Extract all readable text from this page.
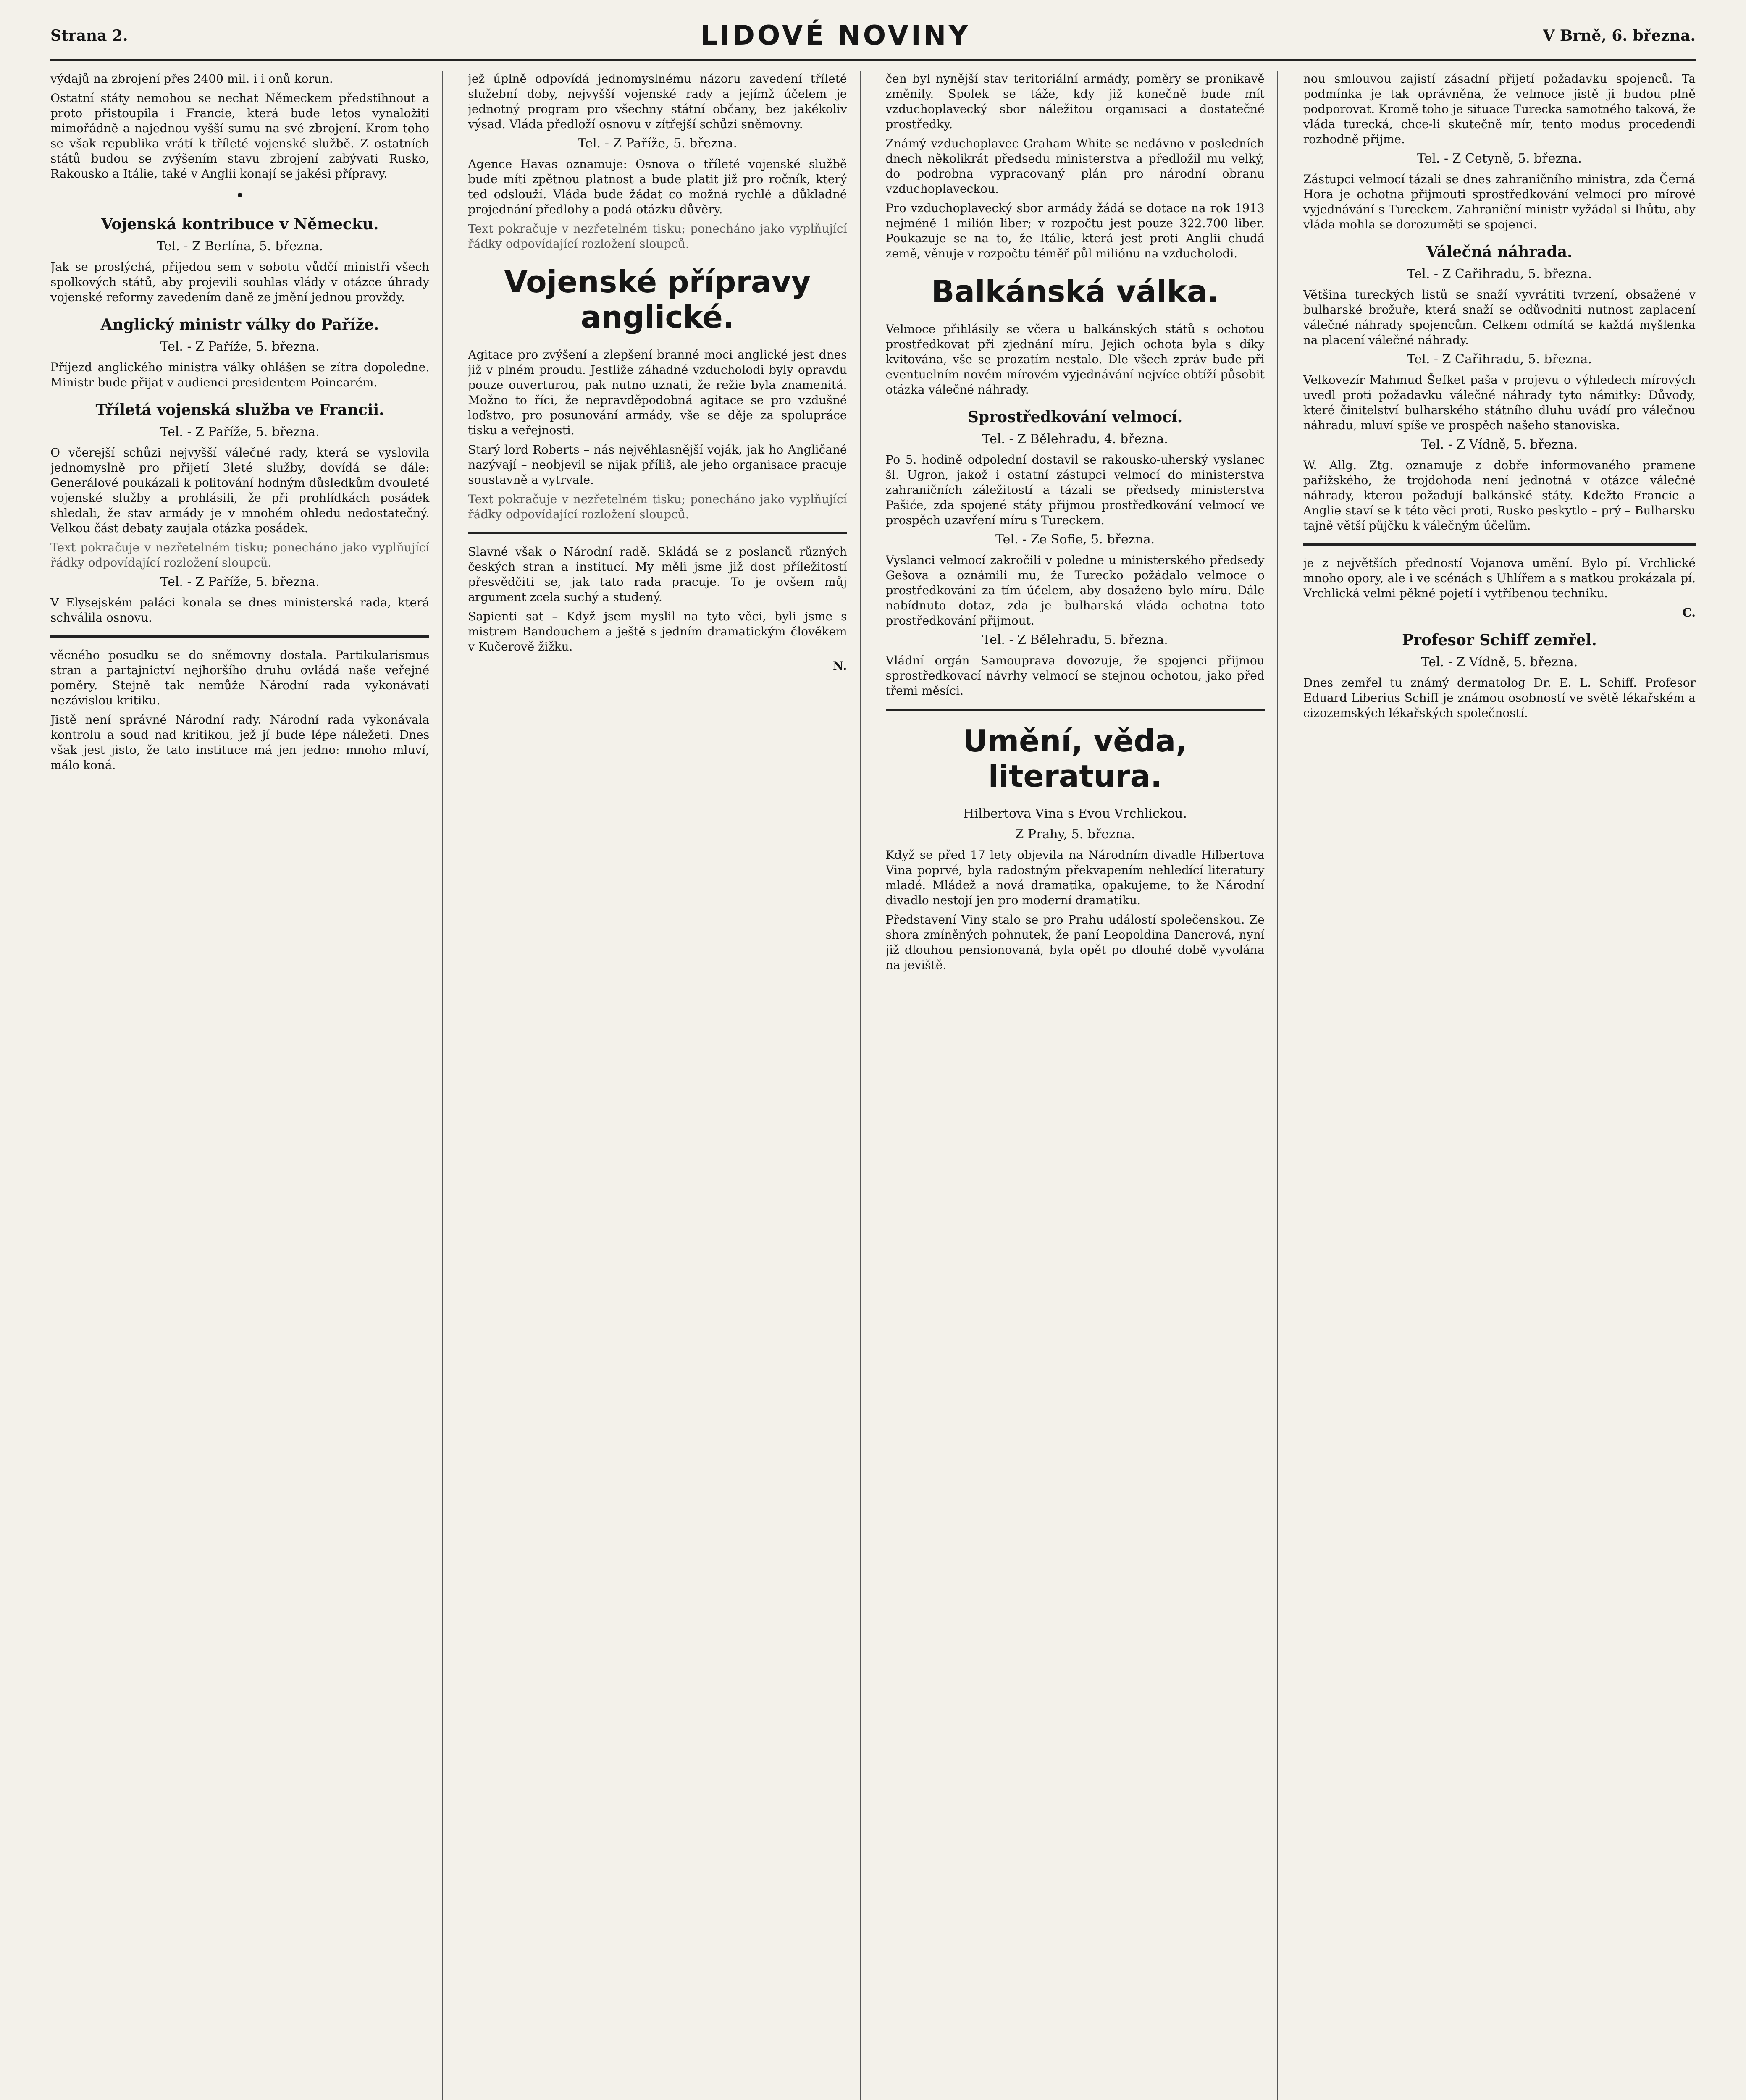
Strana 2.	LIDOVÉ NOVINY	V Brně, 6. března.

výdajů na zbrojení přes 2400 mil. i i onů korun.

Ostatní státy nemohou se nechat Německem předstihnout a proto přistoupila i Francie, která bude letos vynaložiti mimořádně a najednou vyšší sumu na své zbrojení. Krom toho se však republika vrátí k tříleté vojenské službě. Z ostatních států budou se zvýšením stavu zbrojení zabývati Rusko, Rakousko a Itálie, také v Anglii konají se jakési přípravy.

•
Vojenská kontribuce v Německu.
Tel. - Z Berlína, 5. března.

Jak se proslýchá, přijedou sem v sobotu vůdčí ministři všech spolkových států, aby projevili souhlas vlády v otázce úhrady vojenské reformy zavedením daně ze jmění jednou provždy.

Anglický ministr války do Paříže.
Tel. - Z Paříže, 5. března.

Příjezd anglického ministra války ohlášen se zítra dopoledne. Ministr bude přijat v audienci presidentem Poincarém.

Tříletá vojenská služba ve Francii.
Tel. - Z Paříže, 5. března.

O včerejší schůzi nejvyšší válečné rady, která se vyslovila jednomyslně pro přijetí 3leté služby, dovídá se dále: Generálové poukázali k politování hodným důsledkům dvouleté vojenské služby a prohlásili, že při prohlídkách posádek shledali, že stav armády je v mnohém ohledu nedostatečný. Velkou část debaty zaujala otázka posádek.

Text pokračuje v nezřetelném tisku; ponecháno jako vyplňující řádky odpovídající rozložení sloupců.

Tel. - Z Paříže, 5. března.

V Elysejském paláci konala se dnes ministerská rada, která schválila osnovu.

věcného posudku se do sněmovny dostala. Partikularismus stran a partajnictví nejhoršího druhu ovládá naše veřejné poměry. Stejně tak nemůže Národní rada vykonávati nezávislou kritiku.

Jistě není správné Národní rady. Národní rada vykonávala kontrolu a soud nad kritikou, jež jí bude lépe náležeti. Dnes však jest jisto, že tato instituce má jen jedno: mnoho mluví, málo koná.

jež úplně odpovídá jednomyslnému názoru zavedení tříleté služební doby, nejvyšší vojenské rady a jejímž účelem je jednotný program pro všechny státní občany, bez jakékoliv výsad. Vláda předloží osnovu v zítřejší schůzi sněmovny.

Tel. - Z Paříže, 5. března.

Agence Havas oznamuje: Osnova o tříleté vojenské službě bude míti zpětnou platnost a bude platit již pro ročník, který ted odslouží. Vláda bude žádat co možná rychlé a důkladné projednání předlohy a podá otázku důvěry.

Text pokračuje v nezřetelném tisku; ponecháno jako vyplňující řádky odpovídající rozložení sloupců.

Vojenské přípravy anglické.

Agitace pro zvýšení a zlepšení branné moci anglické jest dnes již v plném proudu. Jestliže záhadné vzducholodi byly opravdu pouze ouverturou, pak nutno uznati, že režie byla znamenitá. Možno to říci, že nepravděpodobná agitace se pro vzdušné loďstvo, pro posunování armády, vše se děje za spolupráce tisku a veřejnosti.

Starý lord Roberts – nás nejvěhlasnější voják, jak ho Angličané nazývají – neobjevil se nijak příliš, ale jeho organisace pracuje soustavně a vytrvale.

Text pokračuje v nezřetelném tisku; ponecháno jako vyplňující řádky odpovídající rozložení sloupců.

Slavné však o Národní radě. Skládá se z poslanců různých českých stran a institucí. My měli jsme již dost příležitostí přesvědčiti se, jak tato rada pracuje. To je ovšem můj argument zcela suchý a studený.

Sapienti sat – Když jsem myslil na tyto věci, byli jsme s mistrem Bandouchem a ještě s jedním dramatickým člověkem v Kučerově žižku.

N.

čen byl nynější stav teritoriální armády, poměry se pronikavě změnily. Spolek se táže, kdy již konečně bude mít vzduchoplavecký sbor náležitou organisaci a dostatečné prostředky.

Známý vzduchoplavec Graham White se nedávno v posledních dnech několikrát předsedu ministerstva a předložil mu velký, do podrobna vypracovaný plán pro národní obranu vzduchoplaveckou.

Pro vzduchoplavecký sbor armády žádá se dotace na rok 1913 nejméně 1 milión liber; v rozpočtu jest pouze 322.700 liber. Poukazuje se na to, že Itálie, která jest proti Anglii chudá země, věnuje v rozpočtu téměř půl miliónu na vzducholodi.

Balkánská válka.

Velmoce přihlásily se včera u balkánských států s ochotou prostředkovat při zjednání míru. Jejich ochota byla s díky kvitována, vše se prozatím nestalo. Dle všech zpráv bude při eventuelním novém mírovém vyjednávání nejvíce obtíží působit otázka válečné náhrady.

Sprostředkování velmocí.
Tel. - Z Bělehradu, 4. března.

Po 5. hodině odpolední dostavil se rakousko-uherský vyslanec šl. Ugron, jakož i ostatní zástupci velmocí do ministerstva zahraničních záležitostí a tázali se předsedy ministerstva Pašiće, zda spojené státy přijmou prostředkování velmocí ve prospěch uzavření míru s Tureckem.

Tel. - Ze Sofie, 5. března.

Vyslanci velmocí zakročili v poledne u ministerského předsedy Gešova a oznámili mu, že Turecko požádalo velmoce o prostředkování za tím účelem, aby dosaženo bylo míru. Dále nabídnuto dotaz, zda je bulharská vláda ochotna toto prostředkování přijmout.

Tel. - Z Bělehradu, 5. března.

Vládní orgán Samouprava dovozuje, že spojenci přijmou sprostředkovací návrhy velmocí se stejnou ochotou, jako před třemi měsíci.

Umění, věda, literatura.
Hilbertova Vina s Evou Vrchlickou.
Z Prahy, 5. března.

Když se před 17 lety objevila na Národním divadle Hilbertova Vina poprvé, byla radostným překvapením nehledící literatury mladé. Mládež a nová dramatika, opakujeme, to že Národní divadlo nestojí jen pro moderní dramatiku.

Představení Viny stalo se pro Prahu událostí společenskou. Ze shora zmíněných pohnutek, že paní Leopoldina Dancrová, nyní již dlouhou pensionovaná, byla opět po dlouhé době vyvolána na jeviště.

nou smlouvou zajistí zásadní přijetí požadavku spojenců. Ta podmínka je tak oprávněna, že velmoce jistě ji budou plně podporovat. Kromě toho je situace Turecka samotného taková, že vláda turecká, chce-li skutečně mír, tento modus procedendi rozhodně přijme.

Tel. - Z Cetyně, 5. března.

Zástupci velmocí tázali se dnes zahraničního ministra, zda Černá Hora je ochotna přijmouti sprostředkování velmocí pro mírové vyjednávání s Tureckem. Zahraniční ministr vyžádal si lhůtu, aby vláda mohla se dorozuměti se spojenci.

Válečná náhrada.
Tel. - Z Cařihradu, 5. března.

Většina tureckých listů se snaží vyvrátiti tvrzení, obsažené v bulharské brožuře, která snaží se odůvodniti nutnost zaplacení válečné náhrady spojencům. Celkem odmítá se každá myšlenka na placení válečné náhrady.

Tel. - Z Cařihradu, 5. března.

Velkovezír Mahmud Šefket paša v projevu o výhledech mírových uvedl proti požadavku válečné náhrady tyto námitky: Důvody, které činitelství bulharského státního dluhu uvádí pro válečnou náhradu, mluví spíše ve prospěch našeho stanoviska.

Tel. - Z Vídně, 5. března.

W. Allg. Ztg. oznamuje z dobře informovaného pramene pařížského, že trojdohoda není jednotná v otázce válečné náhrady, kterou požadují balkánské státy. Kdežto Francie a Anglie staví se k této věci proti, Rusko peskytlo – prý – Bulharsku tajně větší půjčku k válečným účelům.

je z největších předností Vojanova umění. Bylo pí. Vrchlické mnoho opory, ale i ve scénách s Uhlířem a s matkou prokázala pí. Vrchlická velmi pěkné pojetí i vytříbenou techniku.

C.

Profesor Schiff zemřel.
Tel. - Z Vídně, 5. března.

Dnes zemřel tu známý dermatolog Dr. E. L. Schiff. Profesor Eduard Liberius Schiff je známou osobností ve světě lékařském a cizozemských lékařských společností.
